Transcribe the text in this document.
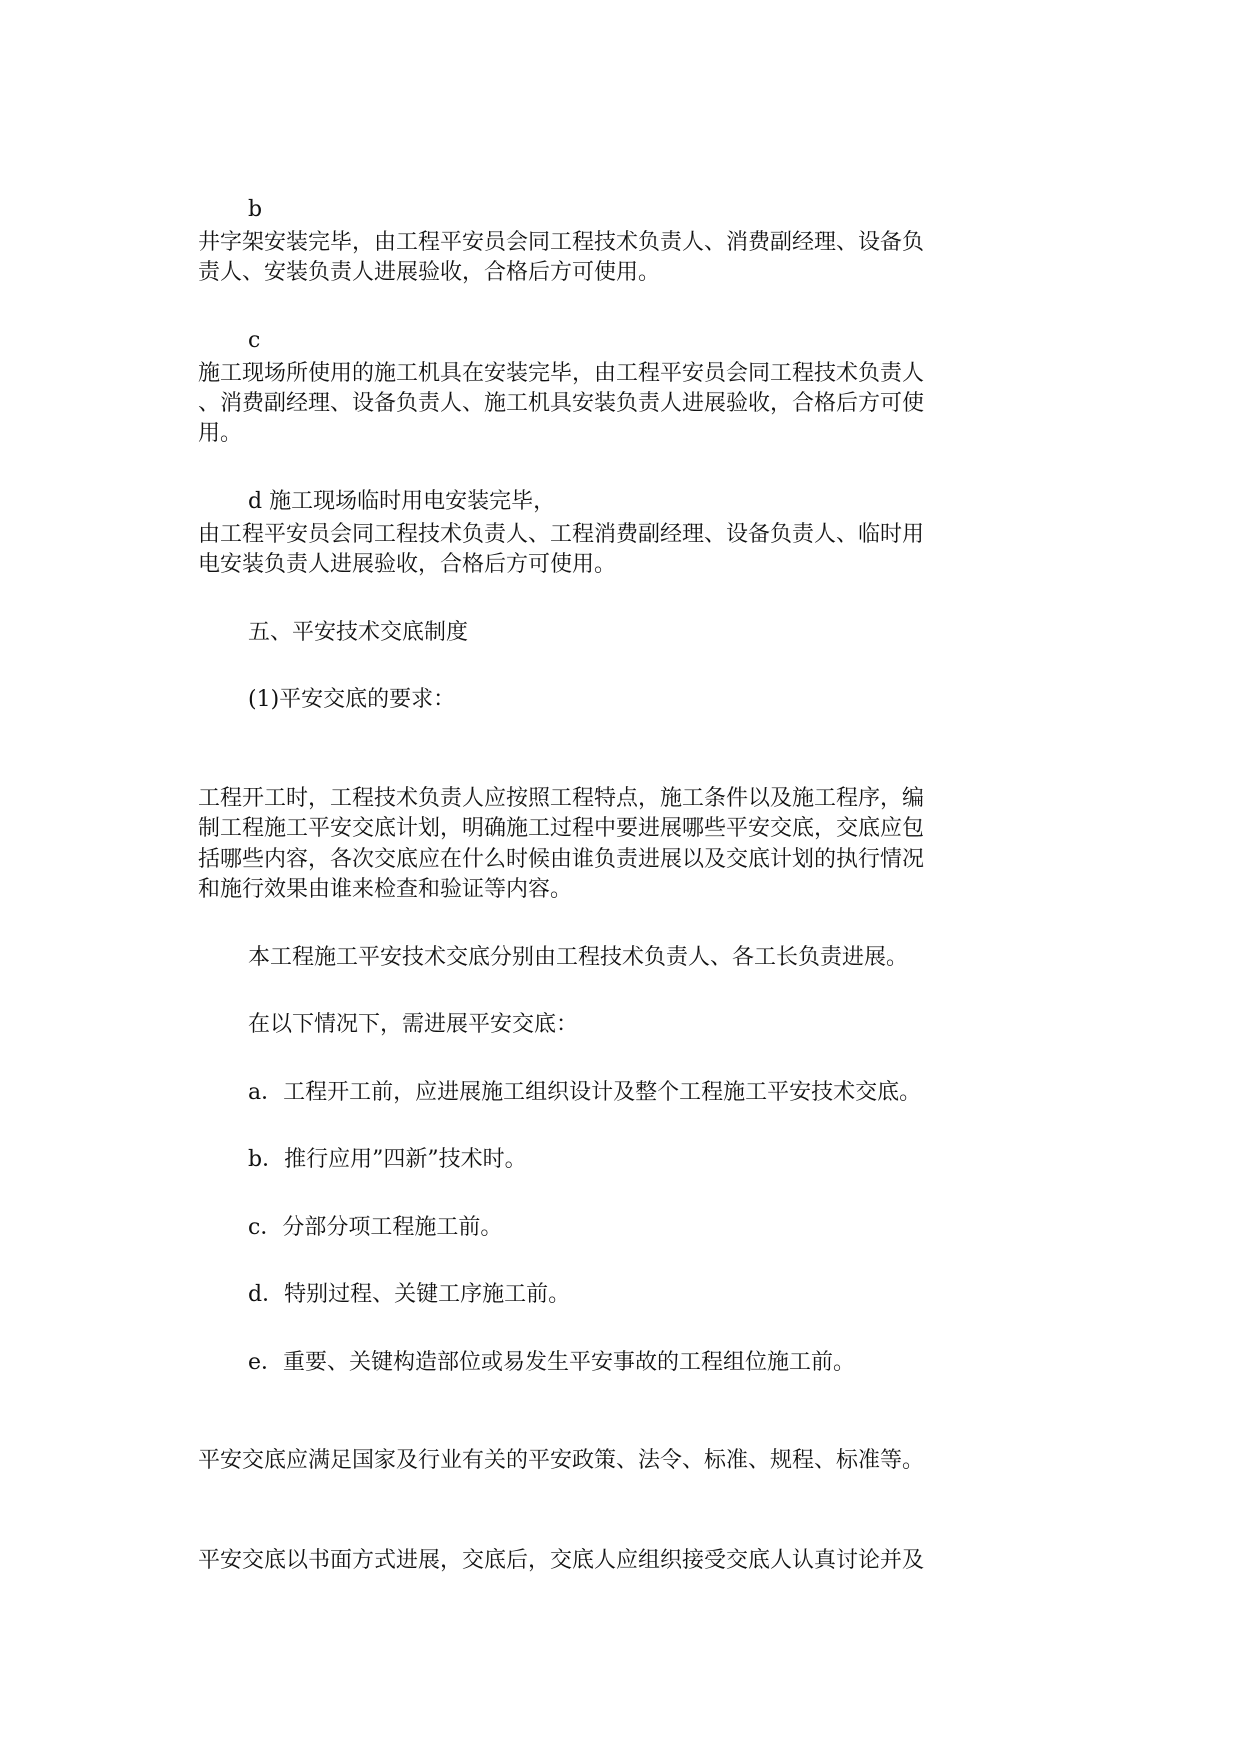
b

井字架安装完毕，由工程平安员会同工程技术负责人、消费副经理、设备负

责人、安装负责人进展验收，合格后方可使用。

c

施工现场所使用的施工机具在安装完毕，由工程平安员会同工程技术负责人

、消费副经理、设备负责人、施工机具安装负责人进展验收，合格后方可使

用。

d 施工现场临时用电安装完毕，

由工程平安员会同工程技术负责人、工程消费副经理、设备负责人、临时用

电安装负责人进展验收，合格后方可使用。

五、平安技术交底制度

(1)平安交底的要求：

工程开工时，工程技术负责人应按照工程特点，施工条件以及施工程序，编

制工程施工平安交底计划，明确施工过程中要进展哪些平安交底，交底应包

括哪些内容，各次交底应在什么时候由谁负责进展以及交底计划的执行情况

和施行效果由谁来检查和验证等内容。

本工程施工平安技术交底分别由工程技术负责人、各工长负责进展。

在以下情况下，需进展平安交底：

a．工程开工前，应进展施工组织设计及整个工程施工平安技术交底。

b．推行应用”四新”技术时。

c．分部分项工程施工前。

d．特别过程、关键工序施工前。

e．重要、关键构造部位或易发生平安事故的工程组位施工前。

平安交底应满足国家及行业有关的平安政策、法令、标准、规程、标准等。

平安交底以书面方式进展，交底后，交底人应组织接受交底人认真讨论并及
